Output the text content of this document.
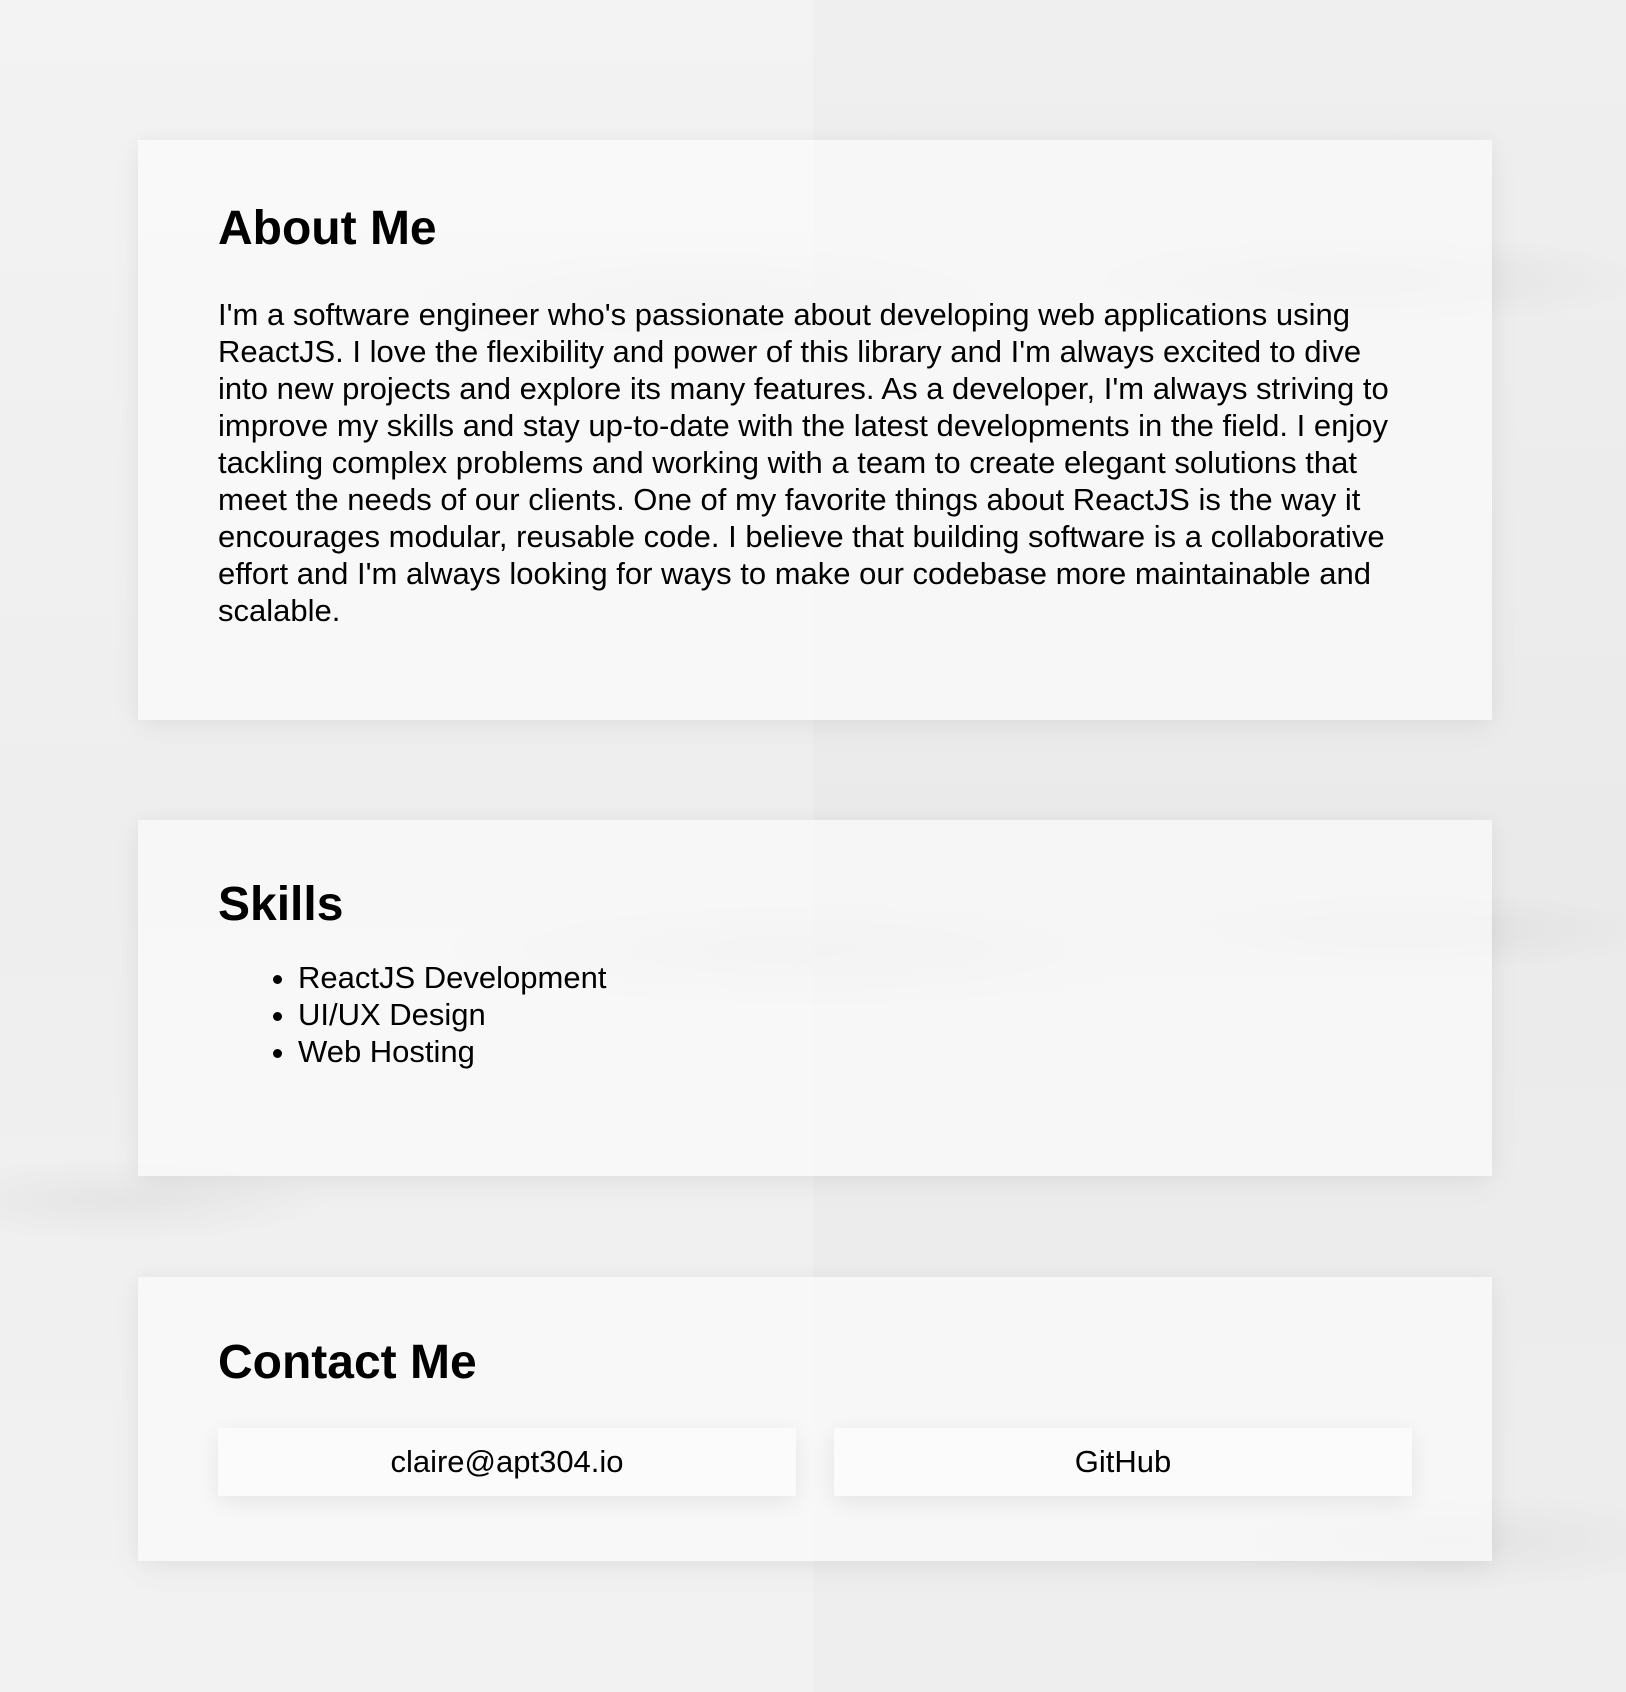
About Me

I'm a software engineer who's passionate about developing web applications using ReactJS. I love the flexibility and power of this library and I'm always excited to dive into new projects and explore its many features. As a developer, I'm always striving to improve my skills and stay up-to-date with the latest developments in the field. I enjoy tackling complex problems and working with a team to create elegant solutions that meet the needs of our clients. One of my favorite things about ReactJS is the way it encourages modular, reusable code. I believe that building software is a collaborative effort and I'm always looking for ways to make our codebase more maintainable and scalable.

Skills
• ReactJS Development
• UI/UX Design
• Web Hosting
Contact Me
claire@apt304.io	GitHub
